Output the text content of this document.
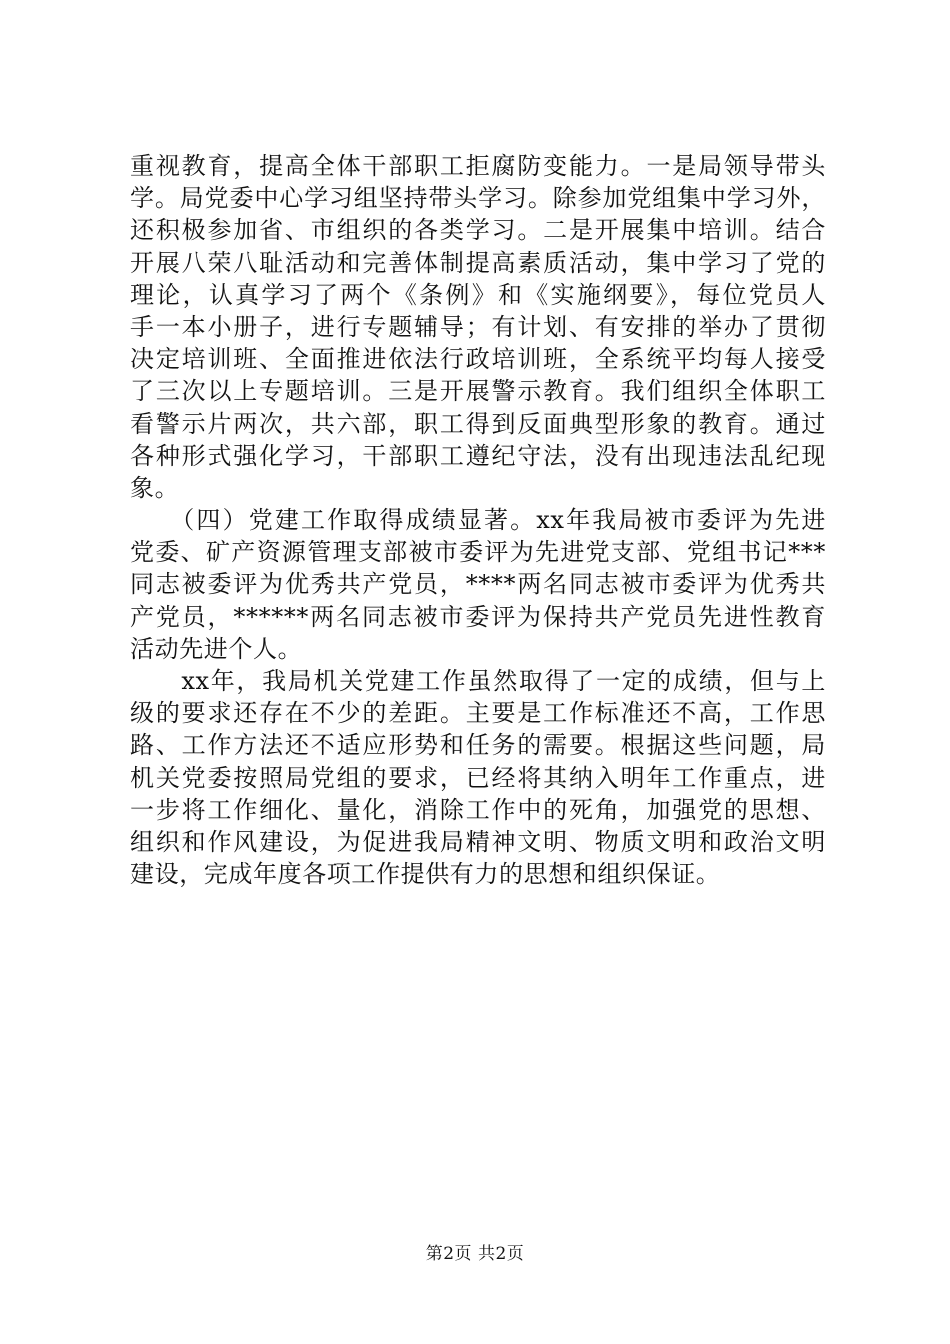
重视教育，提高全体干部职工拒腐防变能力。一是局领导带头
学。局党委中心学习组坚持带头学习。除参加党组集中学习外，
还积极参加省、市组织的各类学习。二是开展集中培训。结合
开展八荣八耻活动和完善体制提高素质活动，集中学习了党的
理论，认真学习了两个《条例》和《实施纲要》，每位党员人
手一本小册子，进行专题辅导；有计划、有安排的举办了贯彻
决定培训班、全面推进依法行政培训班，全系统平均每人接受
了三次以上专题培训。三是开展警示教育。我们组织全体职工
看警示片两次，共六部，职工得到反面典型形象的教育。通过
各种形式强化学习，干部职工遵纪守法，没有出现违法乱纪现
象。
　　（四）党建工作取得成绩显著。xx年我局被市委评为先进
党委、矿产资源管理支部被市委评为先进党支部、党组书记***
同志被委评为优秀共产党员，****两名同志被市委评为优秀共
产党员，******两名同志被市委评为保持共产党员先进性教育
活动先进个人。
　　xx年，我局机关党建工作虽然取得了一定的成绩，但与上
级的要求还存在不少的差距。主要是工作标准还不高，工作思
路、工作方法还不适应形势和任务的需要。根据这些问题，局
机关党委按照局党组的要求，已经将其纳入明年工作重点，进
一步将工作细化、量化，消除工作中的死角，加强党的思想、
组织和作风建设，为促进我局精神文明、物质文明和政治文明
建设，完成年度各项工作提供有力的思想和组织保证。
第2页 共2页
